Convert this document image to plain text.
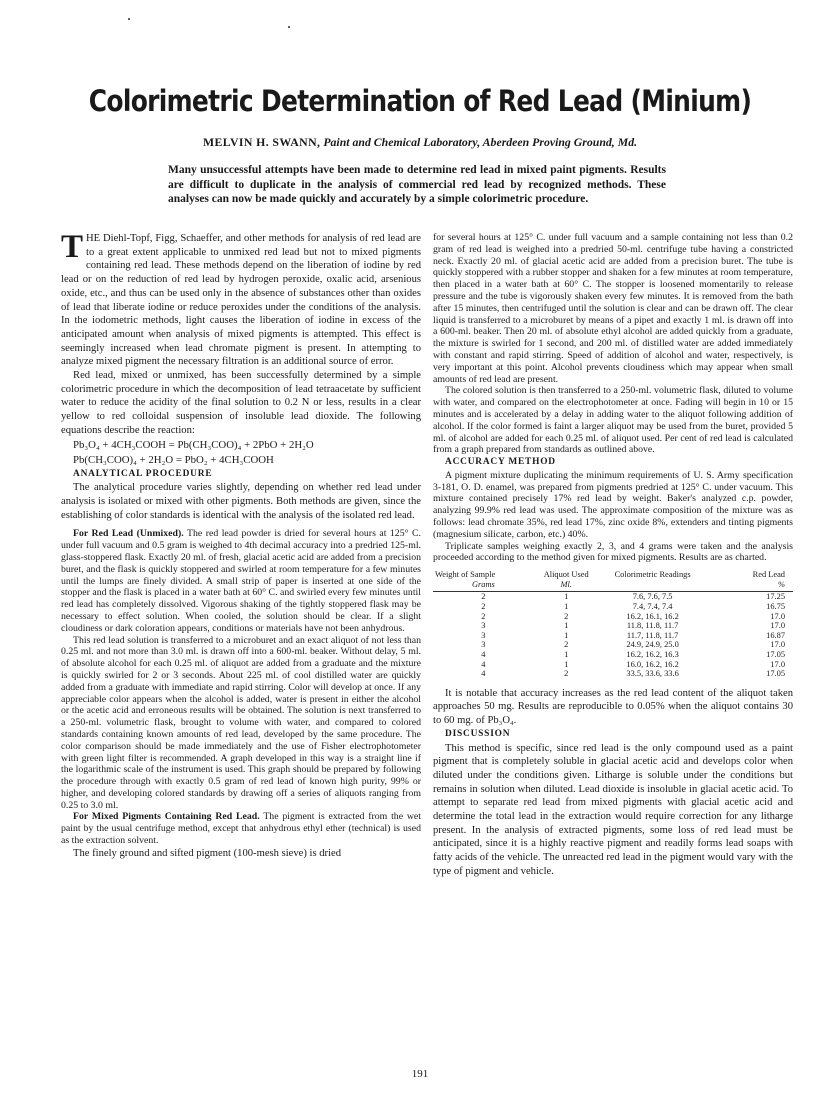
Colorimetric Determination of Red Lead (Minium)
MELVIN H. SWANN, Paint and Chemical Laboratory, Aberdeen Proving Ground, Md.
Many unsuccessful attempts have been made to determine red lead in mixed paint pigments. Results are difficult to duplicate in the analysis of commercial red lead by recognized methods. These analyses can now be made quickly and accurately by a simple colorimetric procedure.

THE Diehl-Topf, Figg, Schaeffer, and other methods for analysis of red lead are to a great extent applicable to unmixed red lead but not to mixed pigments containing red lead. These methods depend on the liberation of iodine by red lead or on the reduction of red lead by hydrogen peroxide, oxalic acid, arsenious oxide, etc., and thus can be used only in the absence of substances other than oxides of lead that liberate iodine or reduce peroxides under the conditions of the analysis. In the iodometric methods, light causes the liberation of iodine in excess of the anticipated amount when analysis of mixed pigments is attempted. This effect is seemingly increased when lead chromate pigment is present. In attempting to analyze mixed pigment the necessary filtration is an additional source of error.

Red lead, mixed or unmixed, has been successfully determined by a simple colorimetric procedure in which the decomposition of lead tetraacetate by sufficient water to reduce the acidity of the final solution to 0.2 N or less, results in a clear yellow to red colloidal suspension of insoluble lead dioxide. The following equations describe the reaction:

Pb₃O₄ + 4CH₃COOH = Pb(CH₃COO)₄ + 2PbO + 2H₂O

Pb(CH₃COO)₄ + 2H₂O = PbO₂ + 4CH₃COOH

ANALYTICAL PROCEDURE

The analytical procedure varies slightly, depending on whether red lead under analysis is isolated or mixed with other pigments. Both methods are given, since the establishing of color standards is identical with the analysis of the isolated red lead.

For Red Lead (Unmixed). The red lead powder is dried for several hours at 125° C. under full vacuum and 0.5 gram is weighed to 4th decimal accuracy into a predried 125-ml. glass-stoppered flask. Exactly 20 ml. of fresh, glacial acetic acid are added from a precision buret, and the flask is quickly stoppered and swirled at room temperature for a few minutes until the lumps are finely divided. A small strip of paper is inserted at one side of the stopper and the flask is placed in a water bath at 60° C. and swirled every few minutes until red lead has completely dissolved. Vigorous shaking of the tightly stoppered flask may be necessary to effect solution. When cooled, the solution should be clear. If a slight cloudiness or dark coloration appears, conditions or materials have not been anhydrous.

This red lead solution is transferred to a microburet and an exact aliquot of not less than 0.25 ml. and not more than 3.0 ml. is drawn off into a 600-ml. beaker. Without delay, 5 ml. of absolute alcohol for each 0.25 ml. of aliquot are added from a graduate and the mixture is quickly swirled for 2 or 3 seconds. About 225 ml. of cool distilled water are quickly added from a graduate with immediate and rapid stirring. Color will develop at once. If any appreciable color appears when the alcohol is added, water is present in either the alcohol or the acetic acid and erroneous results will be obtained. The solution is next transferred to a 250-ml. volumetric flask, brought to volume with water, and compared to colored standards containing known amounts of red lead, developed by the same procedure. The color comparison should be made immediately and the use of Fisher electrophotometer with green light filter is recommended. A graph developed in this way is a straight line if the logarithmic scale of the instrument is used. This graph should be prepared by following the procedure through with exactly 0.5 gram of red lead of known high purity, 99% or higher, and developing colored standards by drawing off a series of aliquots ranging from 0.25 to 3.0 ml.

For Mixed Pigments Containing Red Lead. The pigment is extracted from the wet paint by the usual centrifuge method, except that anhydrous ethyl ether (technical) is used as the extraction solvent.

The finely ground and sifted pigment (100-mesh sieve) is dried

for several hours at 125° C. under full vacuum and a sample containing not less than 0.2 gram of red lead is weighed into a predried 50-ml. centrifuge tube having a constricted neck. Exactly 20 ml. of glacial acetic acid are added from a precision buret. The tube is quickly stoppered with a rubber stopper and shaken for a few minutes at room temperature, then placed in a water bath at 60° C. The stopper is loosened momentarily to release pressure and the tube is vigorously shaken every few minutes. It is removed from the bath after 15 minutes, then centrifuged until the solution is clear and can be drawn off. The clear liquid is transferred to a microburet by means of a pipet and exactly 1 ml. is drawn off into a 600-ml. beaker. Then 20 ml. of absolute ethyl alcohol are added quickly from a graduate, the mixture is swirled for 1 second, and 200 ml. of distilled water are added immediately with constant and rapid stirring. Speed of addition of alcohol and water, respectively, is very important at this point. Alcohol prevents cloudiness which may appear when small amounts of red lead are present.

The colored solution is then transferred to a 250-ml. volumetric flask, diluted to volume with water, and compared on the electrophotometer at once. Fading will begin in 10 or 15 minutes and is accelerated by a delay in adding water to the aliquot following addition of alcohol. If the color formed is faint a larger aliquot may be used from the buret, provided 5 ml. of alcohol are added for each 0.25 ml. of aliquot used. Per cent of red lead is calculated from a graph prepared from standards as outlined above.

ACCURACY METHOD

A pigment mixture duplicating the minimum requirements of U. S. Army specification 3-181, O. D. enamel, was prepared from pigments predried at 125° C. under vacuum. This mixture contained precisely 17% red lead by weight. Baker's analyzed c.p. powder, analyzing 99.9% red lead was used. The approximate composition of the mixture was as follows: lead chromate 35%, red lead 17%, zinc oxide 8%, extenders and tinting pigments (magnesium silicate, carbon, etc.) 40%.

Triplicate samples weighing exactly 2, 3, and 4 grams were taken and the analysis proceeded according to the method given for mixed pigments. Results are as charted.

Weight of Sample	Aliquot Used	Colorimetric Readings	Red Lead
Grams	Ml.		%
2	1	7.6, 7.6, 7.5	17.25
2	1	7.4, 7.4, 7.4	16.75
2	2	16.2, 16.1, 16.2	17.0
3	1	11.8, 11.8, 11.7	17.0
3	1	11.7, 11.8, 11.7	16.87
3	2	24.9, 24.9, 25.0	17.0
4	1	16.2, 16.2, 16.3	17.05
4	1	16.0, 16.2, 16.2	17.0
4	2	33.5, 33.6, 33.6	17.05

It is notable that accuracy increases as the red lead content of the aliquot taken approaches 50 mg. Results are reproducible to 0.05% when the aliquot contains 30 to 60 mg. of Pb₃O₄.

DISCUSSION

This method is specific, since red lead is the only compound used as a paint pigment that is completely soluble in glacial acetic acid and develops color when diluted under the conditions given. Litharge is soluble under the conditions but remains in solution when diluted. Lead dioxide is insoluble in glacial acetic acid. To attempt to separate red lead from mixed pigments with glacial acetic acid and determine the total lead in the extraction would require correction for any litharge present. In the analysis of extracted pigments, some loss of red lead must be anticipated, since it is a highly reactive pigment and readily forms lead soaps with fatty acids of the vehicle. The unreacted red lead in the pigment would vary with the type of pigment and vehicle.

191
